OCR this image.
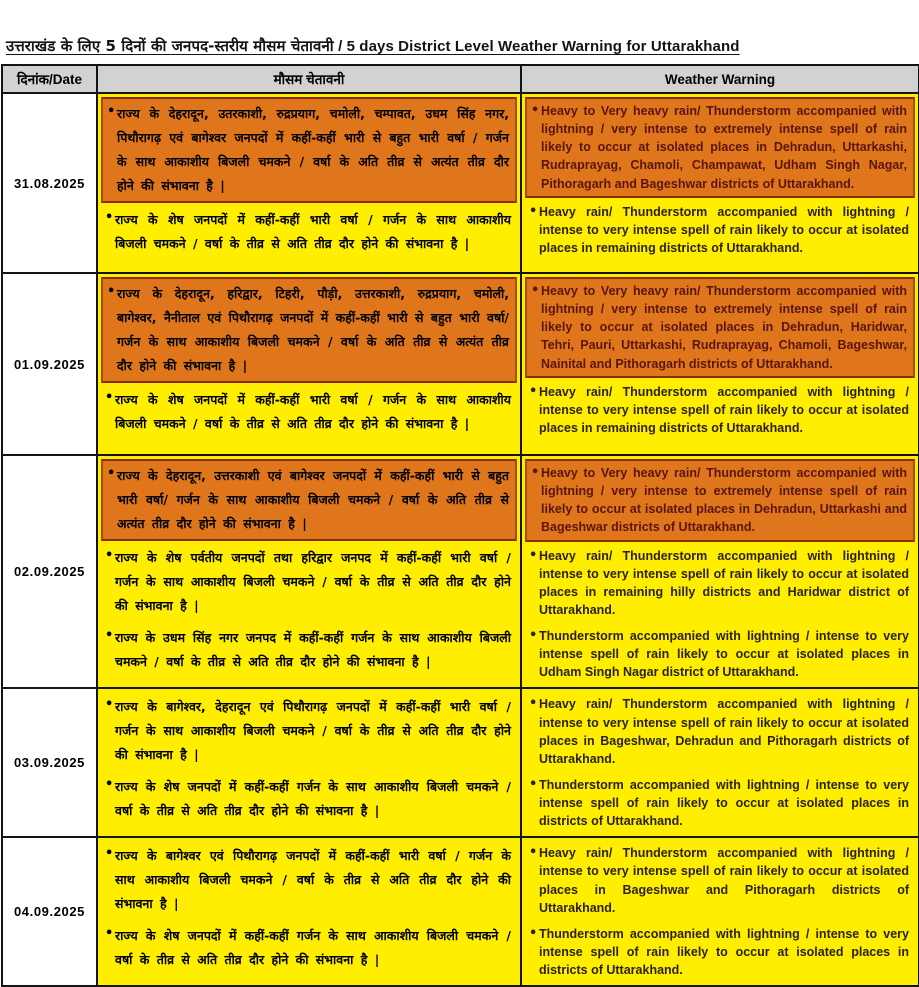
उत्तराखंड के लिए 5 दिनों की जनपद-स्तरीय मौसम चेतावनी / 5 days District Level Weather Warning for Uttarakhand
दिनांक/Date	मौसम चेतावनी	Weather Warning
31.08.2025	
• राज्य के देहरादून, उतरकाशी, रुद्रप्रयाग, चमोली, चम्पावत, उधम सिंह नगर, पिथौरागढ़ एवं बागेश्वर जनपदों में कहीं-कहीं भारी से बहुत भारी वर्षा / गर्जन के साथ आकाशीय बिजली चमकने / वर्षा के अति तीव्र से अत्यंत तीव्र दौर होने की संभावना है |
• राज्य के शेष जनपदों में कहीं-कहीं भारी वर्षा / गर्जन के साथ आकाशीय बिजली चमकने / वर्षा के तीव्र से अति तीव्र दौर होने की संभावना है |

• Heavy to Very heavy rain/ Thunderstorm accompanied with lightning / very intense to extremely intense spell of rain likely to occur at isolated places in Dehradun, Uttarkashi, Rudraprayag, Chamoli, Champawat, Udham Singh Nagar, Pithoragarh and Bageshwar districts of Uttarakhand.
• Heavy rain/ Thunderstorm accompanied with lightning / intense to very intense spell of rain likely to occur at isolated places in remaining districts of Uttarakhand.

01.09.2025	
• राज्य के देहरादून, हरिद्वार, टिहरी, पौड़ी, उत्तरकाशी, रुद्रप्रयाग, चमोली, बागेश्वर, नैनीताल एवं पिथौरागढ़ जनपदों में कहीं-कहीं भारी से बहुत भारी वर्षा/ गर्जन के साथ आकाशीय बिजली चमकने / वर्षा के अति तीव्र से अत्यंत तीव्र दौर होने की संभावना है |
• राज्य के शेष जनपदों में कहीं-कहीं भारी वर्षा / गर्जन के साथ आकाशीय बिजली चमकने / वर्षा के तीव्र से अति तीव्र दौर होने की संभावना है |

• Heavy to Very heavy rain/ Thunderstorm accompanied with lightning / very intense to extremely intense spell of rain likely to occur at isolated places in Dehradun, Haridwar, Tehri, Pauri, Uttarkashi, Rudraprayag, Chamoli, Bageshwar, Nainital and Pithoragarh districts of Uttarakhand.
• Heavy rain/ Thunderstorm accompanied with lightning / intense to very intense spell of rain likely to occur at isolated places in remaining districts of Uttarakhand.

02.09.2025	
• राज्य के देहरादून, उत्तरकाशी एवं बागेश्वर जनपदों में कहीं-कहीं भारी से बहुत भारी वर्षा/ गर्जन के साथ आकाशीय बिजली चमकने / वर्षा के अति तीव्र से अत्यंत तीव्र दौर होने की संभावना है |
• राज्य के शेष पर्वतीय जनपदों तथा हरिद्वार जनपद में कहीं-कहीं भारी वर्षा / गर्जन के साथ आकाशीय बिजली चमकने / वर्षा के तीव्र से अति तीव्र दौर होने की संभावना है |
• राज्य के उधम सिंह नगर जनपद में कहीं-कहीं गर्जन के साथ आकाशीय बिजली चमकने / वर्षा के तीव्र से अति तीव्र दौर होने की संभावना है |

• Heavy to Very heavy rain/ Thunderstorm accompanied with lightning / very intense to extremely intense spell of rain likely to occur at isolated places in Dehradun, Uttarkashi and Bageshwar districts of Uttarakhand.
• Heavy rain/ Thunderstorm accompanied with lightning / intense to very intense spell of rain likely to occur at isolated places in remaining hilly districts and Haridwar district of Uttarakhand.
• Thunderstorm accompanied with lightning / intense to very intense spell of rain likely to occur at isolated places in Udham Singh Nagar district of Uttarakhand.

03.09.2025	
• राज्य के बागेश्वर, देहरादून एवं पिथौरागढ़ जनपदों में कहीं-कहीं भारी वर्षा / गर्जन के साथ आकाशीय बिजली चमकने / वर्षा के तीव्र से अति तीव्र दौर होने की संभावना है |
• राज्य के शेष जनपदों में कहीं-कहीं गर्जन के साथ आकाशीय बिजली चमकने / वर्षा के तीव्र से अति तीव्र दौर होने की संभावना है |

• Heavy rain/ Thunderstorm accompanied with lightning / intense to very intense spell of rain likely to occur at isolated places in Bageshwar, Dehradun and Pithoragarh districts of Uttarakhand.
• Thunderstorm accompanied with lightning / intense to very intense spell of rain likely to occur at isolated places in districts of Uttarakhand.

04.09.2025	
• राज्य के बागेश्वर एवं पिथौरागढ़ जनपदों में कहीं-कहीं भारी वर्षा / गर्जन के साथ आकाशीय बिजली चमकने / वर्षा के तीव्र से अति तीव्र दौर होने की संभावना है |
• राज्य के शेष जनपदों में कहीं-कहीं गर्जन के साथ आकाशीय बिजली चमकने / वर्षा के तीव्र से अति तीव्र दौर होने की संभावना है |

• Heavy rain/ Thunderstorm accompanied with lightning / intense to very intense spell of rain likely to occur at isolated places in Bageshwar and Pithoragarh districts of Uttarakhand.
• Thunderstorm accompanied with lightning / intense to very intense spell of rain likely to occur at isolated places in districts of Uttarakhand.
